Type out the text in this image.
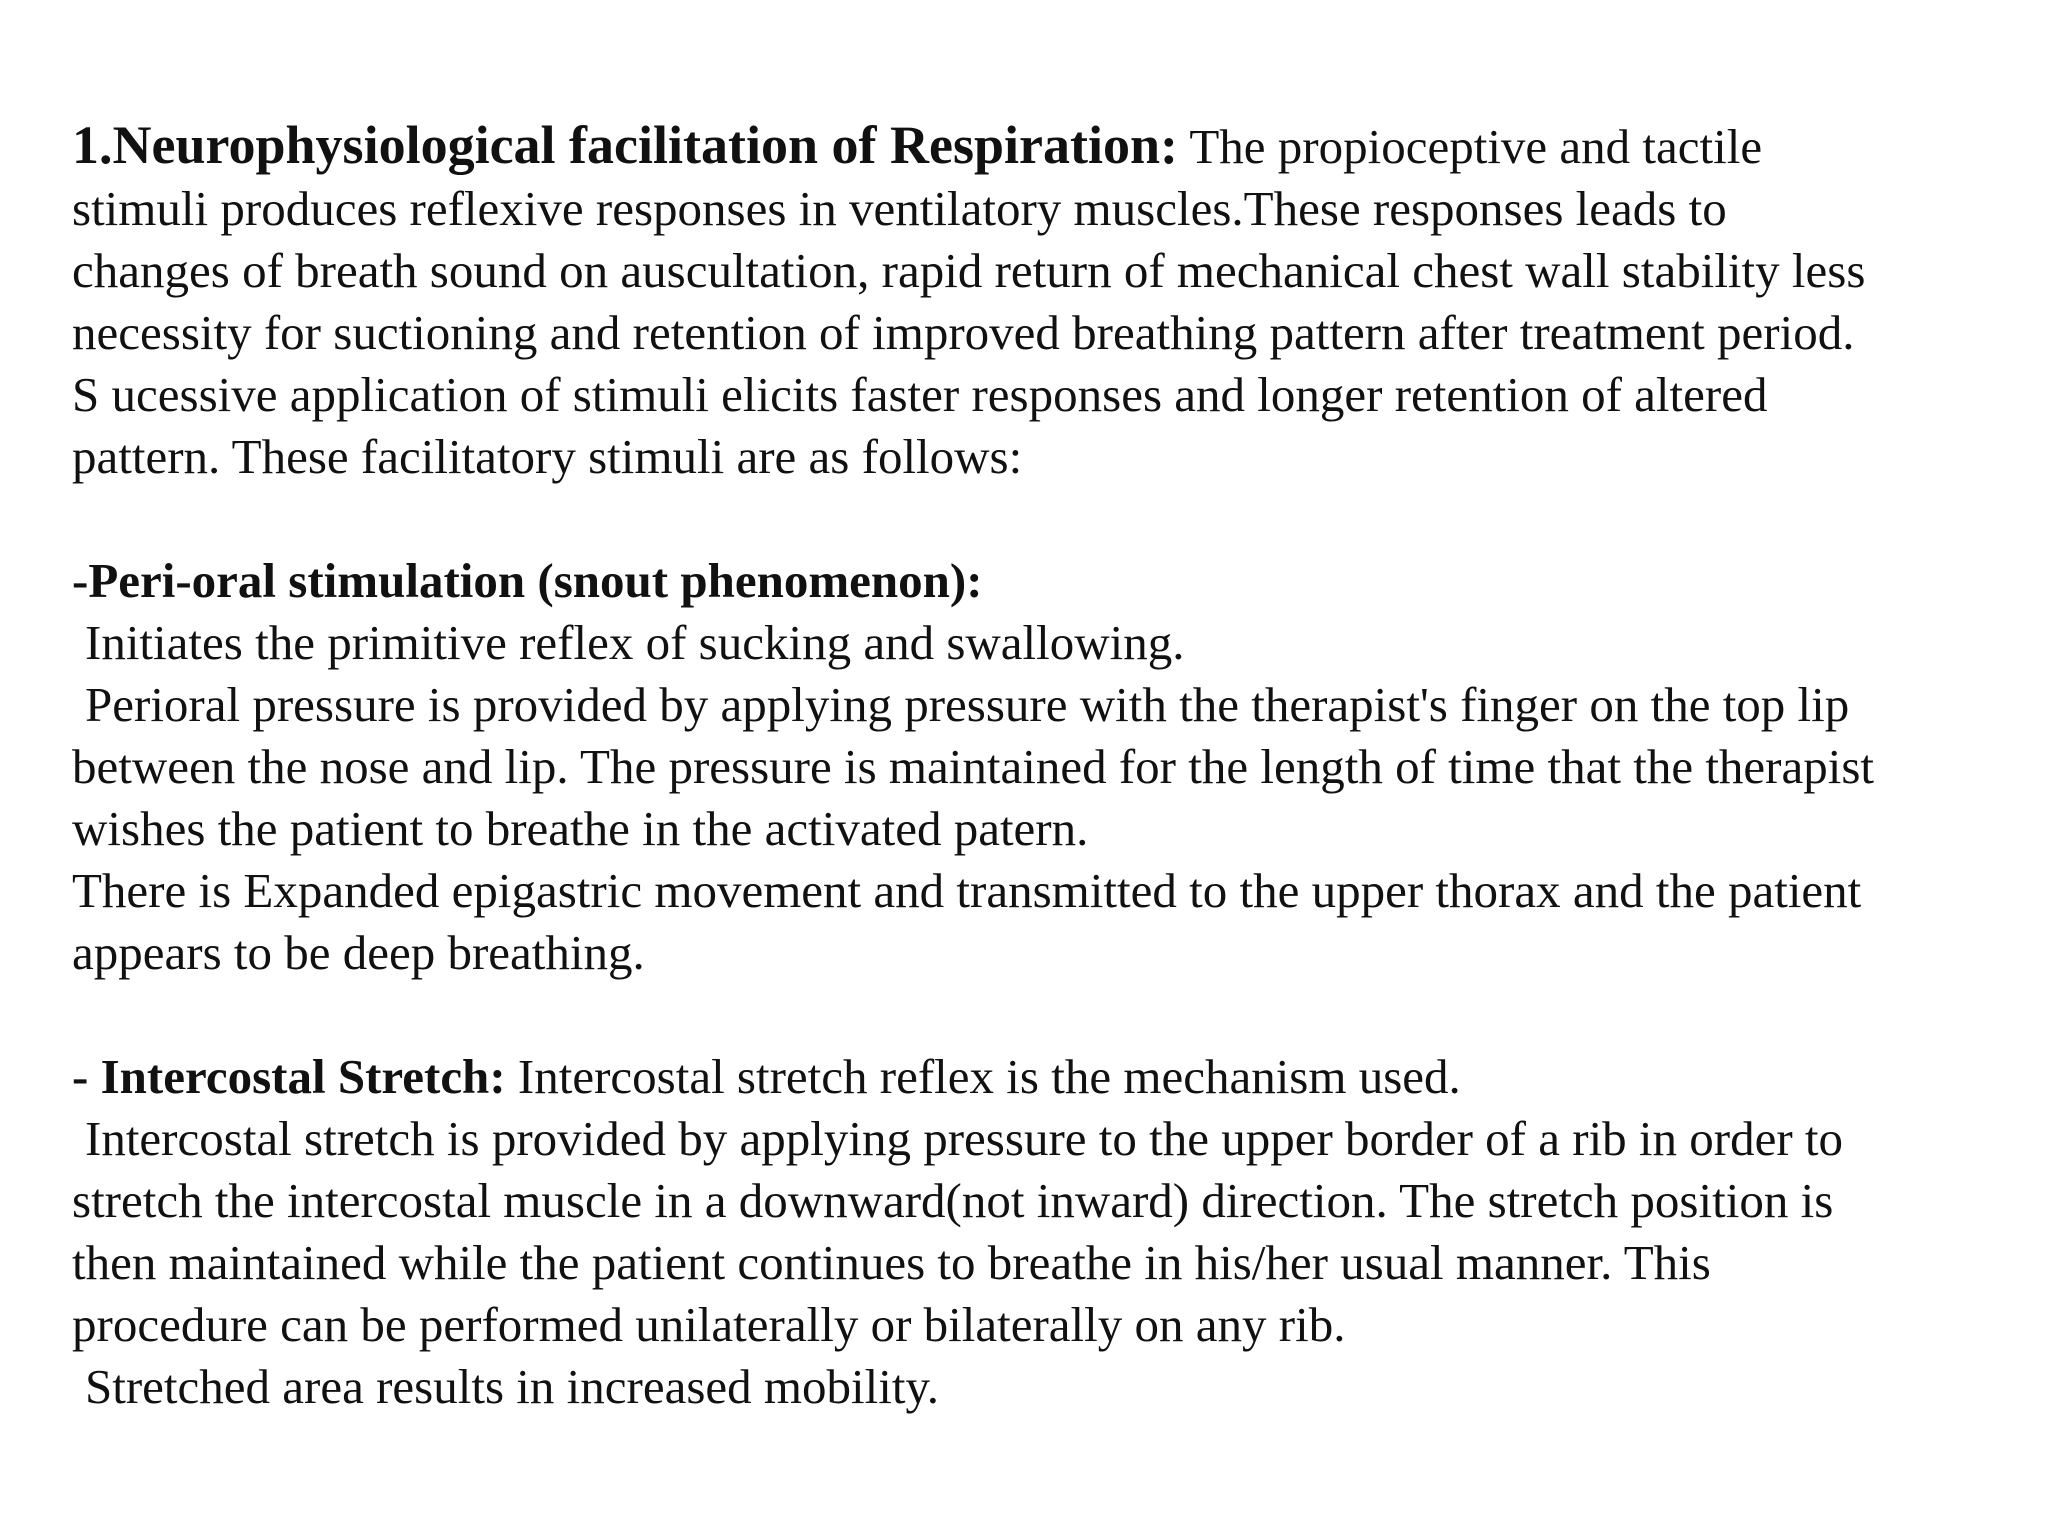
1.Neurophysiological facilitation of Respiration: The propioceptive and tactile
stimuli produces reflexive responses in ventilatory muscles.These responses leads to
changes of breath sound on auscultation, rapid return of mechanical chest wall stability less
necessity for suctioning and retention of improved breathing pattern after treatment period.
S ucessive application of stimuli elicits faster responses and longer retention of altered
pattern. These facilitatory stimuli are as follows:
-Peri-oral stimulation (snout phenomenon):
Initiates the primitive reflex of sucking and swallowing.
Perioral pressure is provided by applying pressure with the therapist's finger on the top lip
between the nose and lip. The pressure is maintained for the length of time that the therapist
wishes the patient to breathe in the activated patern.
There is Expanded epigastric movement and transmitted to the upper thorax and the patient
appears to be deep breathing.
- Intercostal Stretch: Intercostal stretch reflex is the mechanism used.
Intercostal stretch is provided by applying pressure to the upper border of a rib in order to
stretch the intercostal muscle in a downward(not inward) direction. The stretch position is
then maintained while the patient continues to breathe in his/her usual manner. This
procedure can be performed unilaterally or bilaterally on any rib.
Stretched area results in increased mobility.
